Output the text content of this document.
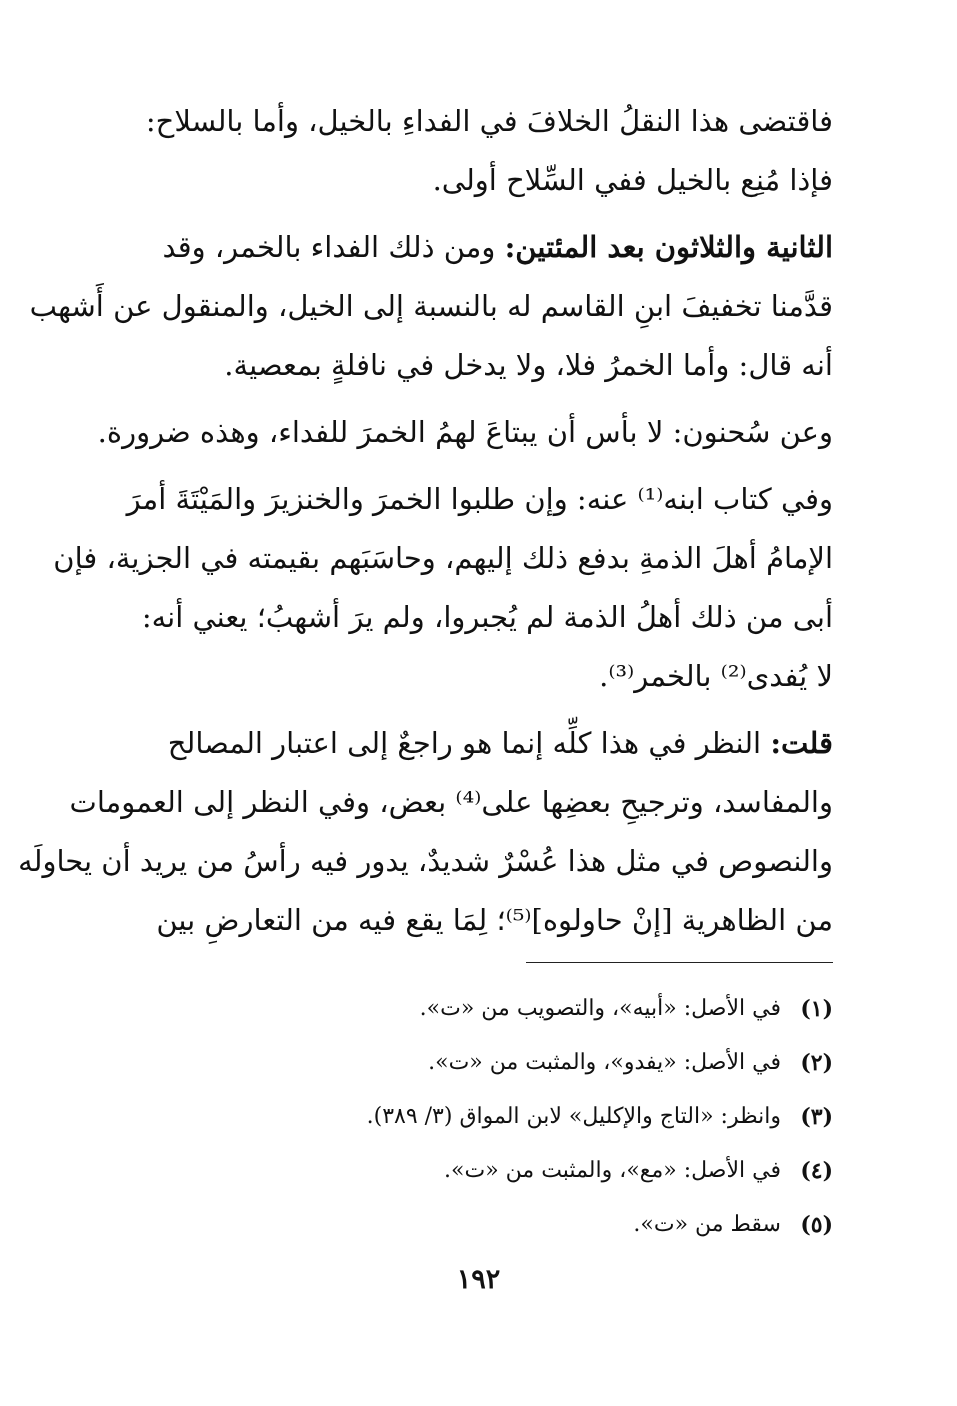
فاقتضى هذا النقلُ الخلافَ في الفداءِ بالخيل، وأما بالسلاح:
فإذا مُنِع بالخيل ففي السِّلاح أولى.

الثانية والثلاثون بعد المئتين: ومن ذلك الفداء بالخمر، وقد
قدَّمنا تخفيفَ ابنِ القاسم له بالنسبة إلى الخيل، والمنقول عن أَشهب
أنه قال: وأما الخمرُ فلا، ولا يدخل في نافلةٍ بمعصية.

وعن سُحنون: لا بأس أن يبتاعَ لهمُ الخمرَ للفداء، وهذه ضرورة.

وفي كتاب ابنه⁽¹⁾ عنه: وإن طلبوا الخمرَ والخنزيرَ والمَيْتَةَ أمرَ
الإمامُ أهلَ الذمةِ بدفع ذلك إليهم، وحاسَبَهم بقيمته في الجزية، فإن
أبى من ذلك أهلُ الذمة لم يُجبروا، ولم يرَ أشهبُ؛ يعني أنه:
لا يُفدى⁽²⁾ بالخمر⁽³⁾.

قلت: النظر في هذا كلِّه إنما هو راجعٌ إلى اعتبار المصالح
والمفاسد، وترجيحِ بعضِها على⁽⁴⁾ بعض، وفي النظر إلى العمومات
والنصوص في مثل هذا عُسْرٌ شديدٌ، يدور فيه رأسُ من يريد أن يحاولَه
من الظاهرية [إنْ حاولوه]⁽⁵⁾؛ لِمَا يقع فيه من التعارضِ بين

(١)
في الأصل: «أبيه»، والتصويب من «ت».
(٢)
في الأصل: «يفدو»، والمثبت من «ت».
(٣)
وانظر: «التاج والإكليل» لابن المواق (٣/ ٣٨٩).
(٤)
في الأصل: «مع»، والمثبت من «ت».
(٥)
سقط من «ت».
١٩٢
